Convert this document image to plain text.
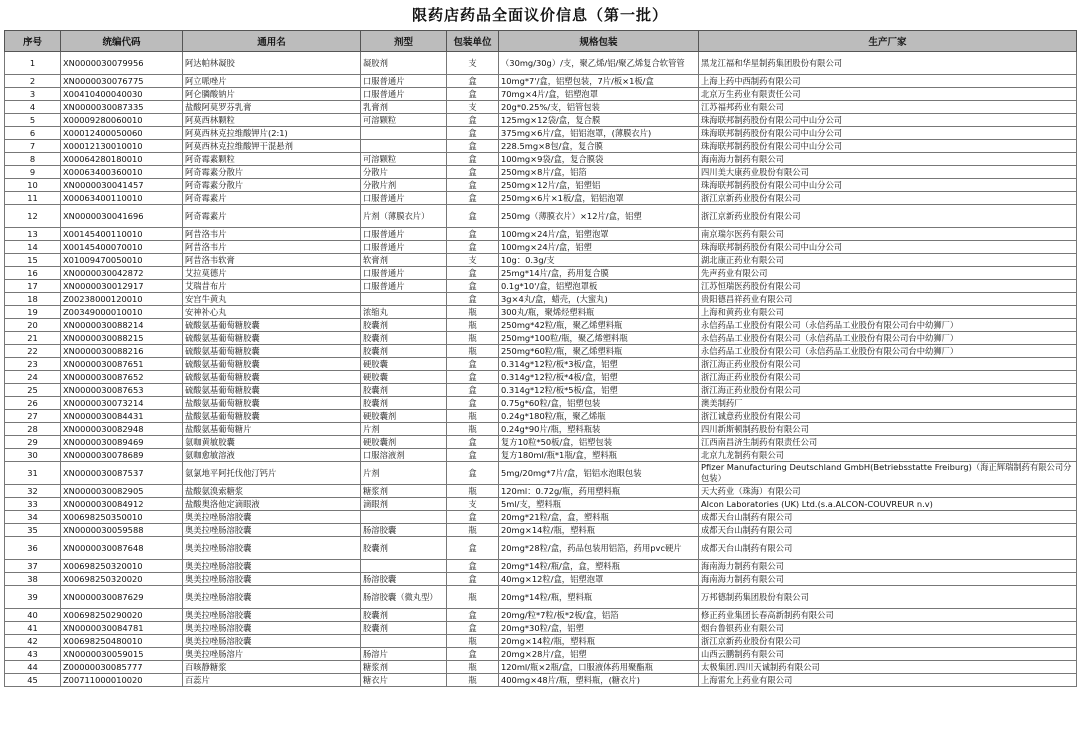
限药店药品全面议价信息（第一批）
序号	统编代码	通用名	剂型	包装单位	规格包装	生产厂家
1	XN0000030079956	阿达帕林凝胶	凝胶剂	支	（30mg/30g）/支，聚乙烯/铝/聚乙烯复合软管管	黑龙江福和华星制药集团股份有限公司
2	XN0000030076775	阿立哌唑片	口服普通片	盒	10mg*7'/盒，铝塑包装，7片/板×1板/盒	上海上药中西制药有限公司
3	X00410400040030	阿仑膦酸钠片	口服普通片	盒	70mg×4片/盒，铝塑泡罩	北京万生药业有限责任公司
4	XN0000030087335	盐酸阿莫罗芬乳膏	乳膏剂	支	20g*0.25%/支，铝管包装	江苏福邦药业有限公司
5	X00009280060010	阿莫西林颗粒	可溶颗粒	盒	125mg×12袋/盒，复合膜	珠海联邦制药股份有限公司中山分公司
6	X00012400050060	阿莫西林克拉维酸钾片(2:1)		盒	375mg×6片/盒，铝铝泡罩，(薄膜衣片)	珠海联邦制药股份有限公司中山分公司
7	X00012130010010	阿莫西林克拉维酸钾干混悬剂		盒	228.5mg×8包/盒，复合膜	珠海联邦制药股份有限公司中山分公司
8	X00064280180010	阿奇霉素颗粒	可溶颗粒	盒	100mg×9袋/盒，复合膜袋	海南海力制药有限公司
9	X00063400360010	阿奇霉素分散片	分散片	盒	250mg×8片/盒，铝箔	四川美大康药业股份有限公司
10	XN0000030041457	阿奇霉素分散片	分散片剂	盒	250mg×12片/盒，铝塑铝	珠海联邦制药股份有限公司中山分公司
11	X00063400110010	阿奇霉素片	口服普通片	盒	250mg×6片×1板/盒，铝铝泡罩	浙江京新药业股份有限公司
12	XN0000030041696	阿奇霉素片	片剂（薄膜衣片）	盒	250mg（薄膜衣片）×12片/盒，铝塑	浙江京新药业股份有限公司
13	X00145400110010	阿昔洛韦片	口服普通片	盒	100mg×24片/盒，铝塑泡罩	南京瑞尔医药有限公司
14	X00145400070010	阿昔洛韦片	口服普通片	盒	100mg×24片/盒，铝塑	珠海联邦制药股份有限公司中山分公司
15	X01009470050010	阿昔洛韦软膏	软膏剂	支	10g：0.3g/支	湖北康正药业有限公司
16	XN0000030042872	艾拉莫德片	口服普通片	盒	25mg*14片/盒，药用复合膜	先声药业有限公司
17	XN0000030012917	艾瑞昔布片	口服普通片	盒	0.1g*10'/盒，铝塑泡罩板	江苏恒瑞医药股份有限公司
18	Z00238000120010	安宫牛黄丸		盒	3g×4丸/盒，蜡壳，(大蜜丸)	贵阳德昌祥药业有限公司
19	Z00349000010010	安神补心丸	浓缩丸	瓶	300丸/瓶，聚烯烃塑料瓶	上海和黄药业有限公司
20	XN0000030088214	硫酸氨基葡萄糖胶囊	胶囊剂	瓶	250mg*42粒/瓶，聚乙烯塑料瓶	永信药品工业股份有限公司（永信药品工业股份有限公司台中幼狮厂）
21	XN0000030088215	硫酸氨基葡萄糖胶囊	胶囊剂	瓶	250mg*100粒/瓶，聚乙烯塑料瓶	永信药品工业股份有限公司（永信药品工业股份有限公司台中幼狮厂）
22	XN0000030088216	硫酸氨基葡萄糖胶囊	胶囊剂	瓶	250mg*60粒/瓶，聚乙烯塑料瓶	永信药品工业股份有限公司（永信药品工业股份有限公司台中幼狮厂）
23	XN0000030087651	硫酸氨基葡萄糖胶囊	硬胶囊	盒	0.314g*12粒/板*3板/盒，铝塑	浙江海正药业股份有限公司
24	XN0000030087652	硫酸氨基葡萄糖胶囊	硬胶囊	盒	0.314g*12粒/板*4板/盒，铝塑	浙江海正药业股份有限公司
25	XN0000030087653	硫酸氨基葡萄糖胶囊	胶囊剂	盒	0.314g*12粒/板*5板/盒，铝塑	浙江海正药业股份有限公司
26	XN0000030073214	盐酸氨基葡萄糖胶囊	胶囊剂	盒	0.75g*60粒/盒，铝塑包装	澳美制药厂
27	XN0000030084431	盐酸氨基葡萄糖胶囊	硬胶囊剂	瓶	0.24g*180粒/瓶，聚乙烯瓶	浙江诚意药业股份有限公司
28	XN0000030082948	盐酸氨基葡萄糖片	片剂	瓶	0.24g*90片/瓶，塑料瓶装	四川新斯顿制药股份有限公司
29	XN0000030089469	氨咖黄敏胶囊	硬胶囊剂	盒	复方10粒*50板/盒，铝塑包装	江西南昌济生制药有限责任公司
30	XN0000030078689	氨咖愈敏溶液	口服溶液剂	盒	复方180ml/瓶*1瓶/盒，塑料瓶	北京九龙制药有限公司
31	XN0000030087537	氨氯地平阿托伐他汀钙片	片剂	盒	5mg/20mg*7片/盒，铝铝水泡眼包装	Pfizer Manufacturing Deutschland GmbH(Betriebsstatte Freiburg)（海正辉瑞制药有限公司分包装）
32	XN0000030082905	盐酸氨溴索糖浆	糖浆剂	瓶	120ml：0.72g/瓶，药用塑料瓶	天大药业（珠海）有限公司
33	XN0000030084912	盐酸奥洛他定滴眼液	滴眼剂	支	5ml/支，塑料瓶	Alcon Laboratories (UK) Ltd.(s.a.ALCON-COUVREUR n.v)
34	X00698250350010	奥美拉唑肠溶胶囊		盒	20mg*21粒/盒，盒，塑料瓶	成都天台山制药有限公司
35	XN0000030059588	奥美拉唑肠溶胶囊	肠溶胶囊	瓶	20mg×14粒/瓶，塑料瓶	成都天台山制药有限公司
36	XN0000030087648	奥美拉唑肠溶胶囊	胶囊剂	盒	20mg*28粒/盒，药品包装用铝箔，药用pvc硬片	成都天台山制药有限公司
37	X00698250320010	奥美拉唑肠溶胶囊		盒	20mg*14粒/瓶/盒，盒，塑料瓶	海南海力制药有限公司
38	X00698250320020	奥美拉唑肠溶胶囊	肠溶胶囊	盒	40mg×12粒/盒，铝塑泡罩	海南海力制药有限公司
39	XN0000030087629	奥美拉唑肠溶胶囊	肠溶胶囊（微丸型）	瓶	20mg*14粒/瓶，塑料瓶	万邦德制药集团股份有限公司
40	X00698250290020	奥美拉唑肠溶胶囊	胶囊剂	盒	20mg/粒*7粒/板*2板/盒，铝箔	修正药业集团长春高新制药有限公司
41	XN0000030084781	奥美拉唑肠溶胶囊	胶囊剂	盒	20mg*30粒/盒，铝塑	烟台鲁银药业有限公司
42	X00698250480010	奥美拉唑肠溶胶囊		瓶	20mg×14粒/瓶，塑料瓶	浙江京新药业股份有限公司
43	XN0000030059015	奥美拉唑肠溶片	肠溶片	盒	20mg×28片/盒，铝塑	山西云鹏制药有限公司
44	Z00000030085777	百咳静糖浆	糖浆剂	瓶	120ml/瓶×2瓶/盒，口服液体药用聚酯瓶	太极集团.四川天诚制药有限公司
45	Z00711000010020	百蕊片	糖衣片	瓶	400mg×48片/瓶，塑料瓶，(糖衣片)	上海雷允上药业有限公司
